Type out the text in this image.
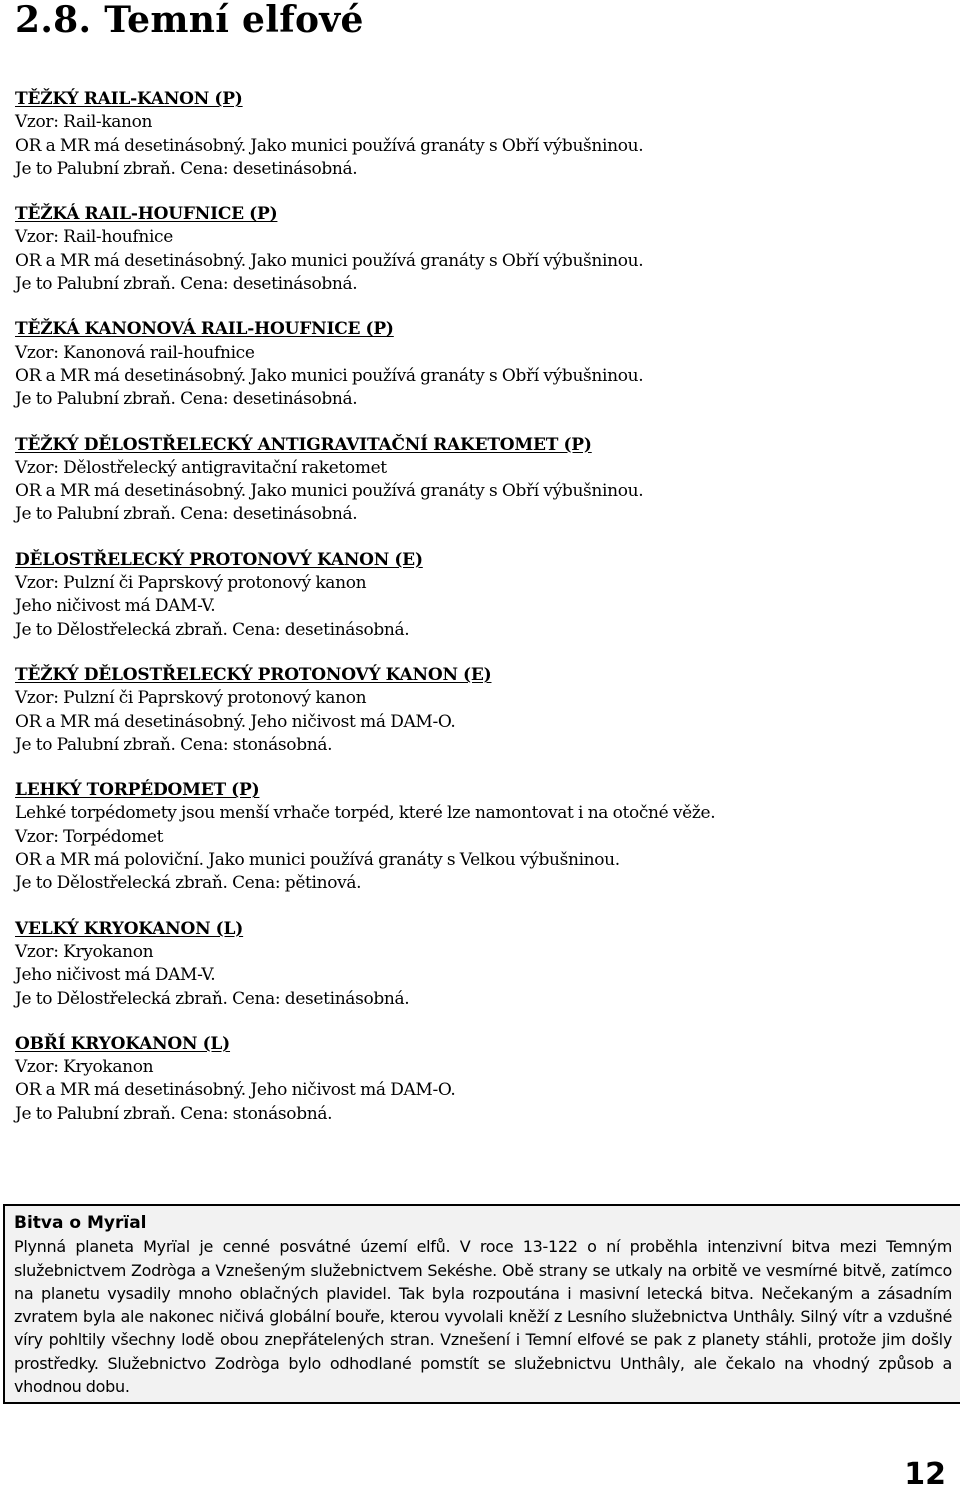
2.8. Temní elfové
TĚŽKÝ RAIL-KANON (P)
Vzor: Rail-kanon
OR a MR má desetinásobný. Jako munici používá granáty s Obří výbušninou.
Je to Palubní zbraň. Cena: desetinásobná.
TĚŽKÁ RAIL-HOUFNICE (P)
Vzor: Rail-houfnice
OR a MR má desetinásobný. Jako munici používá granáty s Obří výbušninou.
Je to Palubní zbraň. Cena: desetinásobná.
TĚŽKÁ KANONOVÁ RAIL-HOUFNICE (P)
Vzor: Kanonová rail-houfnice
OR a MR má desetinásobný. Jako munici používá granáty s Obří výbušninou.
Je to Palubní zbraň. Cena: desetinásobná.
TĚŽKÝ DĚLOSTŘELECKÝ ANTIGRAVITAČNÍ RAKETOMET (P)
Vzor: Dělostřelecký antigravitační raketomet
OR a MR má desetinásobný. Jako munici používá granáty s Obří výbušninou.
Je to Palubní zbraň. Cena: desetinásobná.
DĚLOSTŘELECKÝ PROTONOVÝ KANON (E)
Vzor: Pulzní či Paprskový protonový kanon
Jeho ničivost má DAM-V.
Je to Dělostřelecká zbraň. Cena: desetinásobná.
TĚŽKÝ DĚLOSTŘELECKÝ PROTONOVÝ KANON (E)
Vzor: Pulzní či Paprskový protonový kanon
OR a MR má desetinásobný. Jeho ničivost má DAM-O.
Je to Palubní zbraň. Cena: stonásobná.
LEHKÝ TORPÉDOMET (P)
Lehké torpédomety jsou menší vrhače torpéd, které lze namontovat i na otočné věže.
Vzor: Torpédomet
OR a MR má poloviční. Jako munici používá granáty s Velkou výbušninou.
Je to Dělostřelecká zbraň. Cena: pětinová.
VELKÝ KRYOKANON (L)
Vzor: Kryokanon
Jeho ničivost má DAM-V.
Je to Dělostřelecká zbraň. Cena: desetinásobná.
OBŘÍ KRYOKANON (L)
Vzor: Kryokanon
OR a MR má desetinásobný. Jeho ničivost má DAM-O.
Je to Palubní zbraň. Cena: stonásobná.
Bitva o Myrïal
Plynná planeta Myrïal je cenné posvátné území elfů. V roce 13-122 o ní proběhla intenzivní bitva mezi Temným služebnictvem Zodròga a Vznešeným služebnictvem Sekéshe. Obě strany se utkaly na orbitě ve vesmírné bitvě, zatímco na planetu vysadily mnoho oblačných plavidel. Tak byla rozpoutána i masivní letecká bitva. Nečekaným a zásadním zvratem byla ale nakonec ničivá globální bouře, kterou vyvolali kněží z Lesního služebnictva Unthâly. Silný vítr a vzdušné víry pohltily všechny lodě obou znepřátelených stran. Vznešení i Temní elfové se pak z planety stáhli, protože jim došly prostředky. Služebnictvo Zodròga bylo odhodlané pomstít se služebnictvu Unthâly, ale čekalo na vhodný způsob a vhodnou dobu.
12
